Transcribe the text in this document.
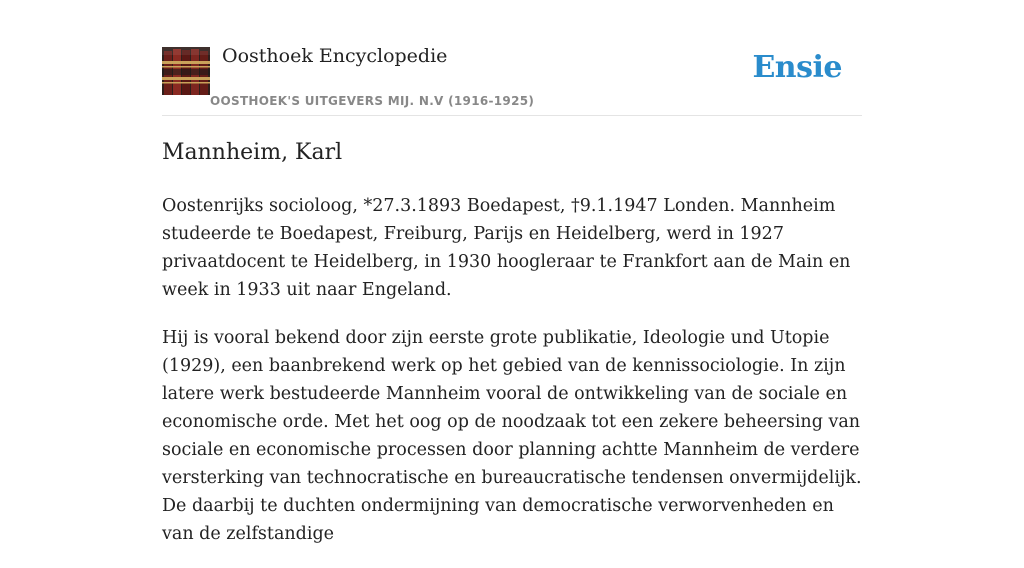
Oosthoek Encyclopedie
OOSTHOEK'S UITGEVERS MIJ. N.V (1916-1925)
Ensie
Mannheim, Karl

Oostenrijks socioloog, *27.3.1893 Boedapest, †9.1.1947 Londen. Mannheim studeerde te Boedapest, Freiburg, Parijs en Heidelberg, werd in 1927 privaatdocent te Heidelberg, in 1930 hoogleraar te Frankfort aan de Main en week in 1933 uit naar Engeland.

Hij is vooral bekend door zijn eerste grote publikatie, Ideologie und Utopie (1929), een baanbrekend werk op het gebied van de kennissociologie. In zijn latere werk bestudeerde Mannheim vooral de ontwikkeling van de sociale en economische orde. Met het oog op de noodzaak tot een zekere beheersing van sociale en economische processen door planning achtte Mannheim de verdere versterking van technocratische en bureaucratische tendensen onvermijdelijk. De daarbij te duchten ondermijning van democratische verworvenheden en van de zelfstandige
